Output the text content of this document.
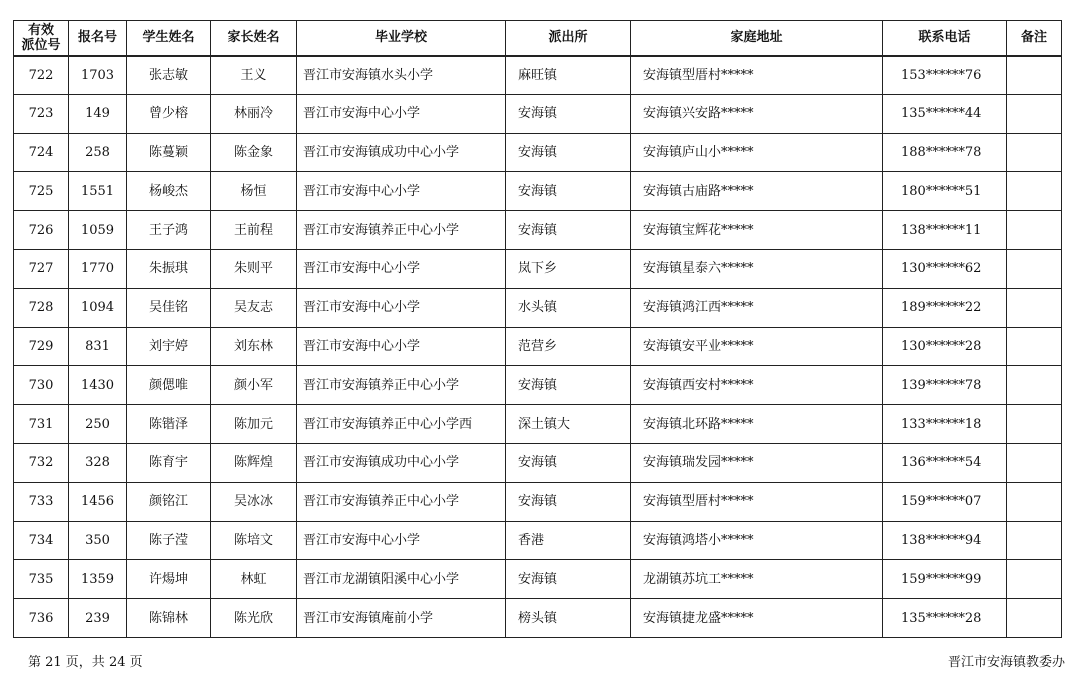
有效
派位号	报名号	学生姓名	家长姓名	毕业学校	派出所	家庭地址	联系电话	备注
722	1703	张志敏	王义	晋江市安海镇水头小学	麻旺镇	安海镇型厝村*****	153******76	
723	149	曾少榕	林丽冷	晋江市安海中心小学	安海镇	安海镇兴安路*****	135******44	
724	258	陈蔓颖	陈金象	晋江市安海镇成功中心小学	安海镇	安海镇庐山小*****	188******78	
725	1551	杨峻杰	杨恒	晋江市安海中心小学	安海镇	安海镇古庙路*****	180******51	
726	1059	王子鸿	王前程	晋江市安海镇养正中心小学	安海镇	安海镇宝辉花*****	138******11	
727	1770	朱振琪	朱则平	晋江市安海中心小学	岚下乡	安海镇星泰六*****	130******62	
728	1094	吴佳铭	吴友志	晋江市安海中心小学	水头镇	安海镇鸿江西*****	189******22	
729	831	刘宇婷	刘东林	晋江市安海中心小学	范营乡	安海镇安平业*****	130******28	
730	1430	颜偲唯	颜小军	晋江市安海镇养正中心小学	安海镇	安海镇西安村*****	139******78	
731	250	陈锴泽	陈加元	晋江市安海镇养正中心小学西	深土镇大	安海镇北环路*****	133******18	
732	328	陈育宇	陈辉煌	晋江市安海镇成功中心小学	安海镇	安海镇瑞发园*****	136******54	
733	1456	颜铭江	吴冰冰	晋江市安海镇养正中心小学	安海镇	安海镇型厝村*****	159******07	
734	350	陈子滢	陈培文	晋江市安海中心小学	香港	安海镇鸿塔小*****	138******94	
735	1359	许煬坤	林虹	晋江市龙湖镇阳溪中心小学	安海镇	龙湖镇苏坑工*****	159******99	
736	239	陈锦林	陈光欣	晋江市安海镇庵前小学	榜头镇	安海镇捷龙盛*****	135******28	
第 21 页，共 24 页	晋江市安海镇教委办
